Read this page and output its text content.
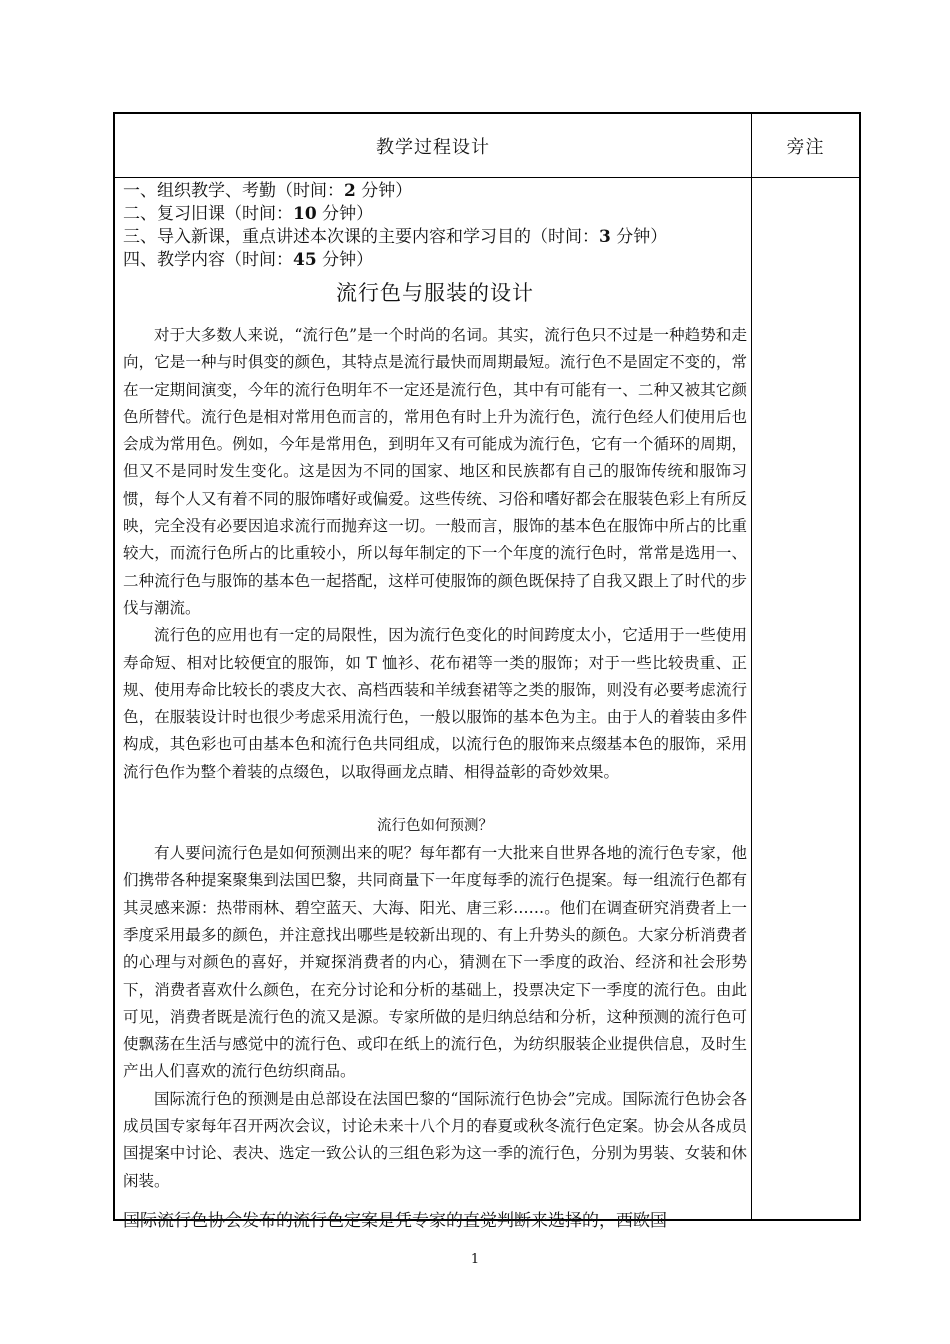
教学过程设计	旁注

一、组织教学、考勤（时间：2 分钟）

二、复习旧课（时间：10 分钟）

三、导入新课，重点讲述本次课的主要内容和学习目的（时间：3 分钟）

四、教学内容（时间：45 分钟）

流行色与服装的设计

对于大多数人来说，“流行色”是一个时尚的名词。其实，流行色只不过是一种趋势和走向，它是一种与时俱变的颜色，其特点是流行最快而周期最短。流行色不是固定不变的，常在一定期间演变，今年的流行色明年不一定还是流行色，其中有可能有一、二种又被其它颜色所替代。流行色是相对常用色而言的，常用色有时上升为流行色，流行色经人们使用后也会成为常用色。例如，今年是常用色，到明年又有可能成为流行色，它有一个循环的周期，但又不是同时发生变化。这是因为不同的国家、地区和民族都有自己的服饰传统和服饰习惯，每个人又有着不同的服饰嗜好或偏爱。这些传统、习俗和嗜好都会在服装色彩上有所反映，完全没有必要因追求流行而抛弃这一切。一般而言，服饰的基本色在服饰中所占的比重较大，而流行色所占的比重较小，所以每年制定的下一个年度的流行色时，常常是选用一、二种流行色与服饰的基本色一起搭配，这样可使服饰的颜色既保持了自我又跟上了时代的步伐与潮流。

流行色的应用也有一定的局限性，因为流行色变化的时间跨度太小，它适用于一些使用寿命短、相对比较便宜的服饰，如 T 恤衫、花布裙等一类的服饰；对于一些比较贵重、正规、使用寿命比较长的裘皮大衣、高档西装和羊绒套裙等之类的服饰，则没有必要考虑流行色，在服装设计时也很少考虑采用流行色，一般以服饰的基本色为主。由于人的着装由多件构成，其色彩也可由基本色和流行色共同组成，以流行色的服饰来点缀基本色的服饰，采用流行色作为整个着装的点缀色，以取得画龙点睛、相得益彰的奇妙效果。

流行色如何预测？

有人要问流行色是如何预测出来的呢？每年都有一大批来自世界各地的流行色专家，他们携带各种提案聚集到法国巴黎，共同商量下一年度每季的流行色提案。每一组流行色都有其灵感来源：热带雨林、碧空蓝天、大海、阳光、唐三彩……。他们在调查研究消费者上一季度采用最多的颜色，并注意找出哪些是较新出现的、有上升势头的颜色。大家分析消费者的心理与对颜色的喜好，并窥探消费者的内心，猜测在下一季度的政治、经济和社会形势下，消费者喜欢什么颜色，在充分讨论和分析的基础上，投票决定下一季度的流行色。由此可见，消费者既是流行色的流又是源。专家所做的是归纳总结和分析，这种预测的流行色可使飘荡在生活与感觉中的流行色、或印在纸上的流行色，为纺织服装企业提供信息，及时生产出人们喜欢的流行色纺织商品。

国际流行色的预测是由总部设在法国巴黎的“国际流行色协会”完成。国际流行色协会各成员国专家每年召开两次会议，讨论未来十八个月的春夏或秋冬流行色定案。协会从各成员国提案中讨论、表决、选定一致公认的三组色彩为这一季的流行色，分别为男装、女装和休闲装。

国际流行色协会发布的流行色定案是凭专家的直觉判断来选择的，西欧国

1
